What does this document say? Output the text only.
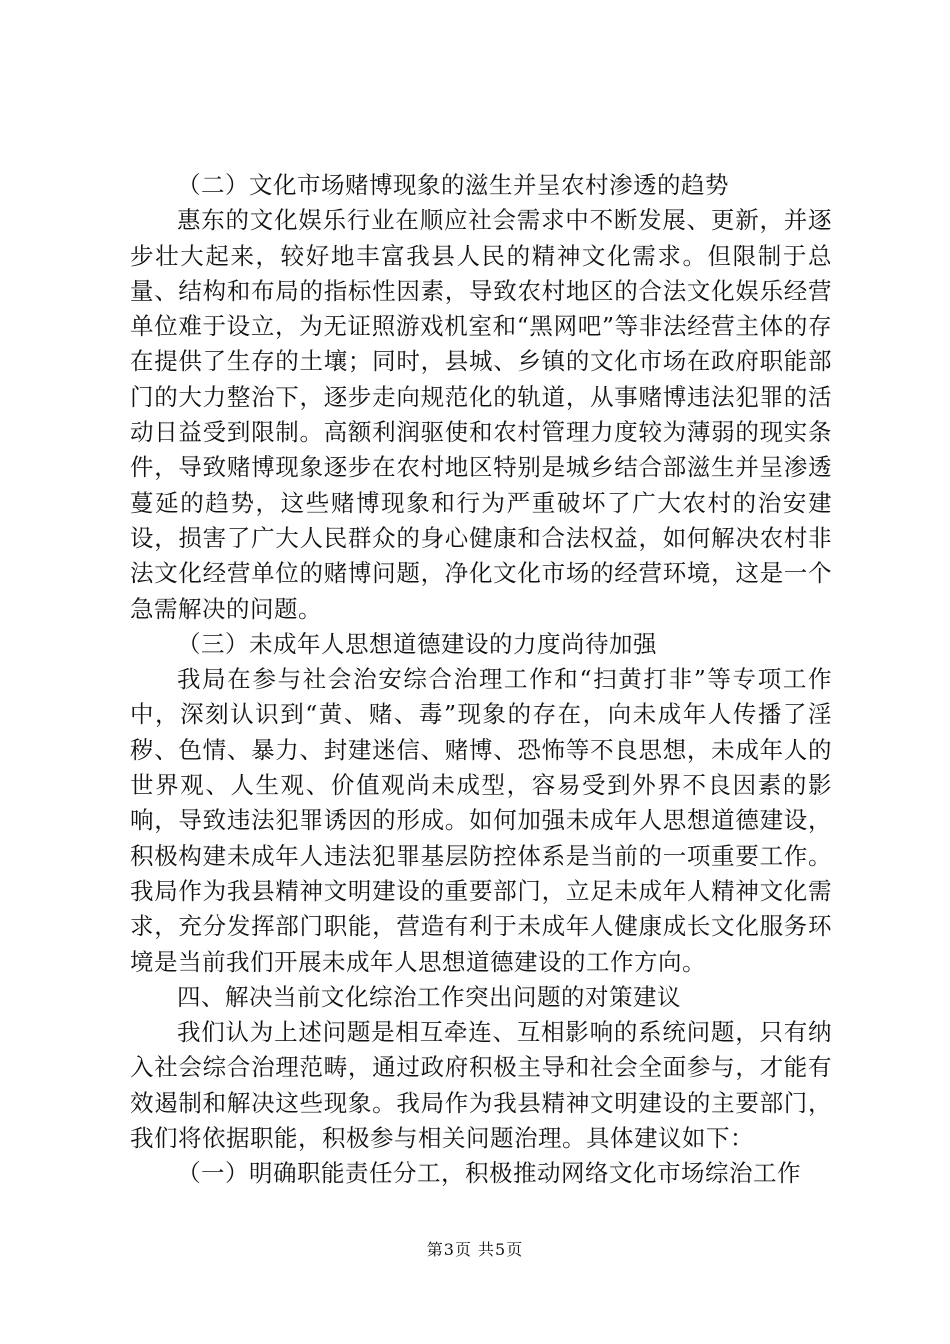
（二）文化市场赌博现象的滋生并呈农村渗透的趋势

惠东的文化娱乐行业在顺应社会需求中不断发展、更新，并逐步壮大起来，较好地丰富我县人民的精神文化需求。但限制于总量、结构和布局的指标性因素，导致农村地区的合法文化娱乐经营单位难于设立，为无证照游戏机室和“黑网吧”等非法经营主体的存在提供了生存的土壤；同时，县城、乡镇的文化市场在政府职能部门的大力整治下，逐步走向规范化的轨道，从事赌博违法犯罪的活动日益受到限制。高额利润驱使和农村管理力度较为薄弱的现实条件，导致赌博现象逐步在农村地区特别是城乡结合部滋生并呈渗透蔓延的趋势，这些赌博现象和行为严重破坏了广大农村的治安建设，损害了广大人民群众的身心健康和合法权益，如何解决农村非法文化经营单位的赌博问题，净化文化市场的经营环境，这是一个急需解决的问题。

（三）未成年人思想道德建设的力度尚待加强

我局在参与社会治安综合治理工作和“扫黄打非”等专项工作中，深刻认识到“黄、赌、毒”现象的存在，向未成年人传播了淫秽、色情、暴力、封建迷信、赌博、恐怖等不良思想，未成年人的世界观、人生观、价值观尚未成型，容易受到外界不良因素的影响，导致违法犯罪诱因的形成。如何加强未成年人思想道德建设，积极构建未成年人违法犯罪基层防控体系是当前的一项重要工作。我局作为我县精神文明建设的重要部门，立足未成年人精神文化需求，充分发挥部门职能，营造有利于未成年人健康成长文化服务环境是当前我们开展未成年人思想道德建设的工作方向。

四、解决当前文化综治工作突出问题的对策建议

我们认为上述问题是相互牵连、互相影响的系统问题，只有纳入社会综合治理范畴，通过政府积极主导和社会全面参与，才能有效遏制和解决这些现象。我局作为我县精神文明建设的主要部门，我们将依据职能，积极参与相关问题治理。具体建议如下：

（一）明确职能责任分工，积极推动网络文化市场综治工作

第3页 共5页
